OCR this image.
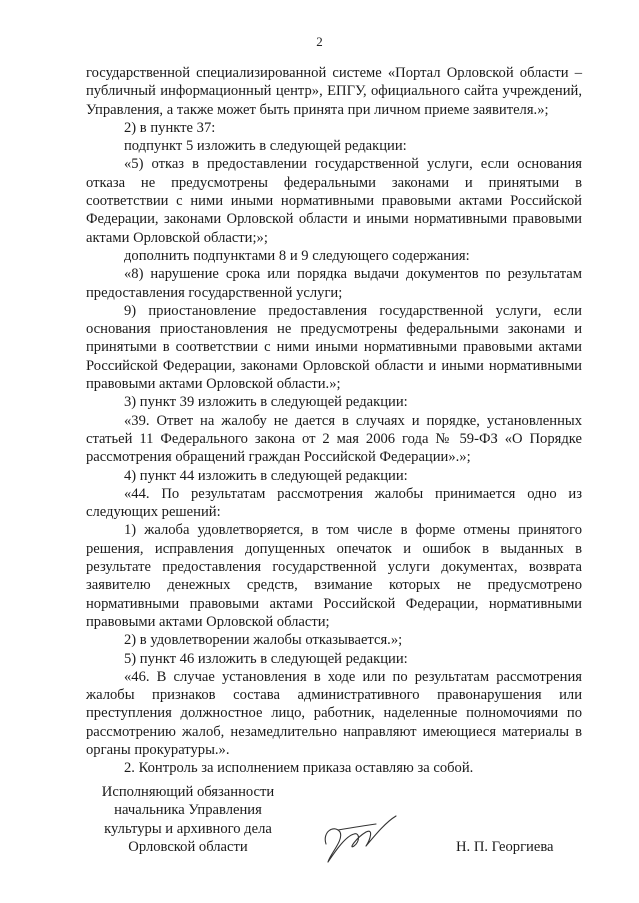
2

государственной специализированной системе «Портал Орловской области – публичный информационный центр», ЕПГУ, официального сайта учреждений, Управления, а также может быть принята при личном приеме заявителя.»;

2) в пункте 37:

подпункт 5 изложить в следующей редакции:

«5) отказ в предоставлении государственной услуги, если основания отказа не предусмотрены федеральными законами и принятыми в соответствии с ними иными нормативными правовыми актами Российской Федерации, законами Орловской области и иными нормативными правовыми актами Орловской области;»;

дополнить подпунктами 8 и 9 следующего содержания:

«8) нарушение срока или порядка выдачи документов по результатам предоставления государственной услуги;

9) приостановление предоставления государственной услуги, если основания приостановления не предусмотрены федеральными законами и принятыми в соответствии с ними иными нормативными правовыми актами Российской Федерации, законами Орловской области и иными нормативными правовыми актами Орловской области.»;

3) пункт 39 изложить в следующей редакции:

«39. Ответ на жалобу не дается в случаях и порядке, установленных статьей 11 Федерального закона от 2 мая 2006 года № 59-ФЗ «О Порядке рассмотрения обращений граждан Российской Федерации».»;

4) пункт 44 изложить в следующей редакции:

«44. По результатам рассмотрения жалобы принимается одно из следующих решений:

1) жалоба удовлетворяется, в том числе в форме отмены принятого решения, исправления допущенных опечаток и ошибок в выданных в результате предоставления государственной услуги документах, возврата заявителю денежных средств, взимание которых не предусмотрено нормативными правовыми актами Российской Федерации, нормативными правовыми актами Орловской области;

2) в удовлетворении жалобы отказывается.»;

5) пункт 46 изложить в следующей редакции:

«46. В случае установления в ходе или по результатам рассмотрения жалобы признаков состава административного правонарушения или преступления должностное лицо, работник, наделенные полномочиями по рассмотрению жалоб, незамедлительно направляют имеющиеся материалы в органы прокуратуры.».

2. Контроль за исполнением приказа оставляю за собой.

Исполняющий обязанности
начальника Управления
культуры и архивного дела
Орловской области	Н. П. Георгиева
